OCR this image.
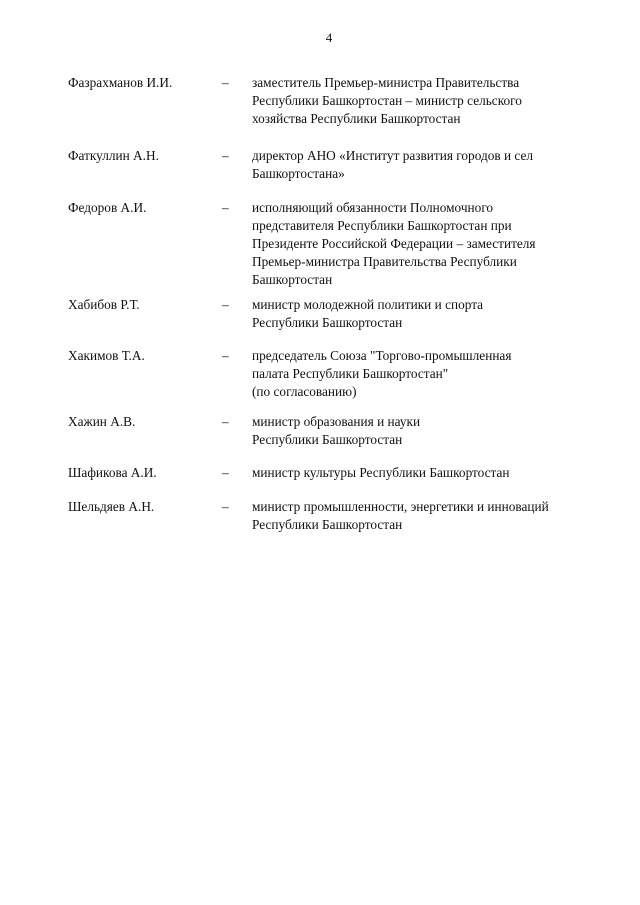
4
Фазрахманов И.И.	– заместитель Премьер-министра Правительства
Республики Башкортостан – министр сельского
хозяйства Республики Башкортостан
Фаткуллин А.Н.	– директор АНО «Институт развития городов и сел
Башкортостана»
Федоров А.И.	– исполняющий обязанности Полномочного
представителя Республики Башкортостан при
Президенте Российской Федерации – заместителя
Премьер-министра Правительства Республики
Башкортостан
Хабибов Р.Т.	– министр молодежной политики и спорта
Республики Башкортостан
Хакимов Т.А.	– председатель Союза "Торгово-промышленная
палата Республики Башкортостан"
(по согласованию)
Хажин А.В.	– министр образования и науки
Республики Башкортостан
Шафикова А.И.	– министр культуры Республики Башкортостан
Шельдяев А.Н.	– министр промышленности, энергетики и инноваций
Республики Башкортостан
